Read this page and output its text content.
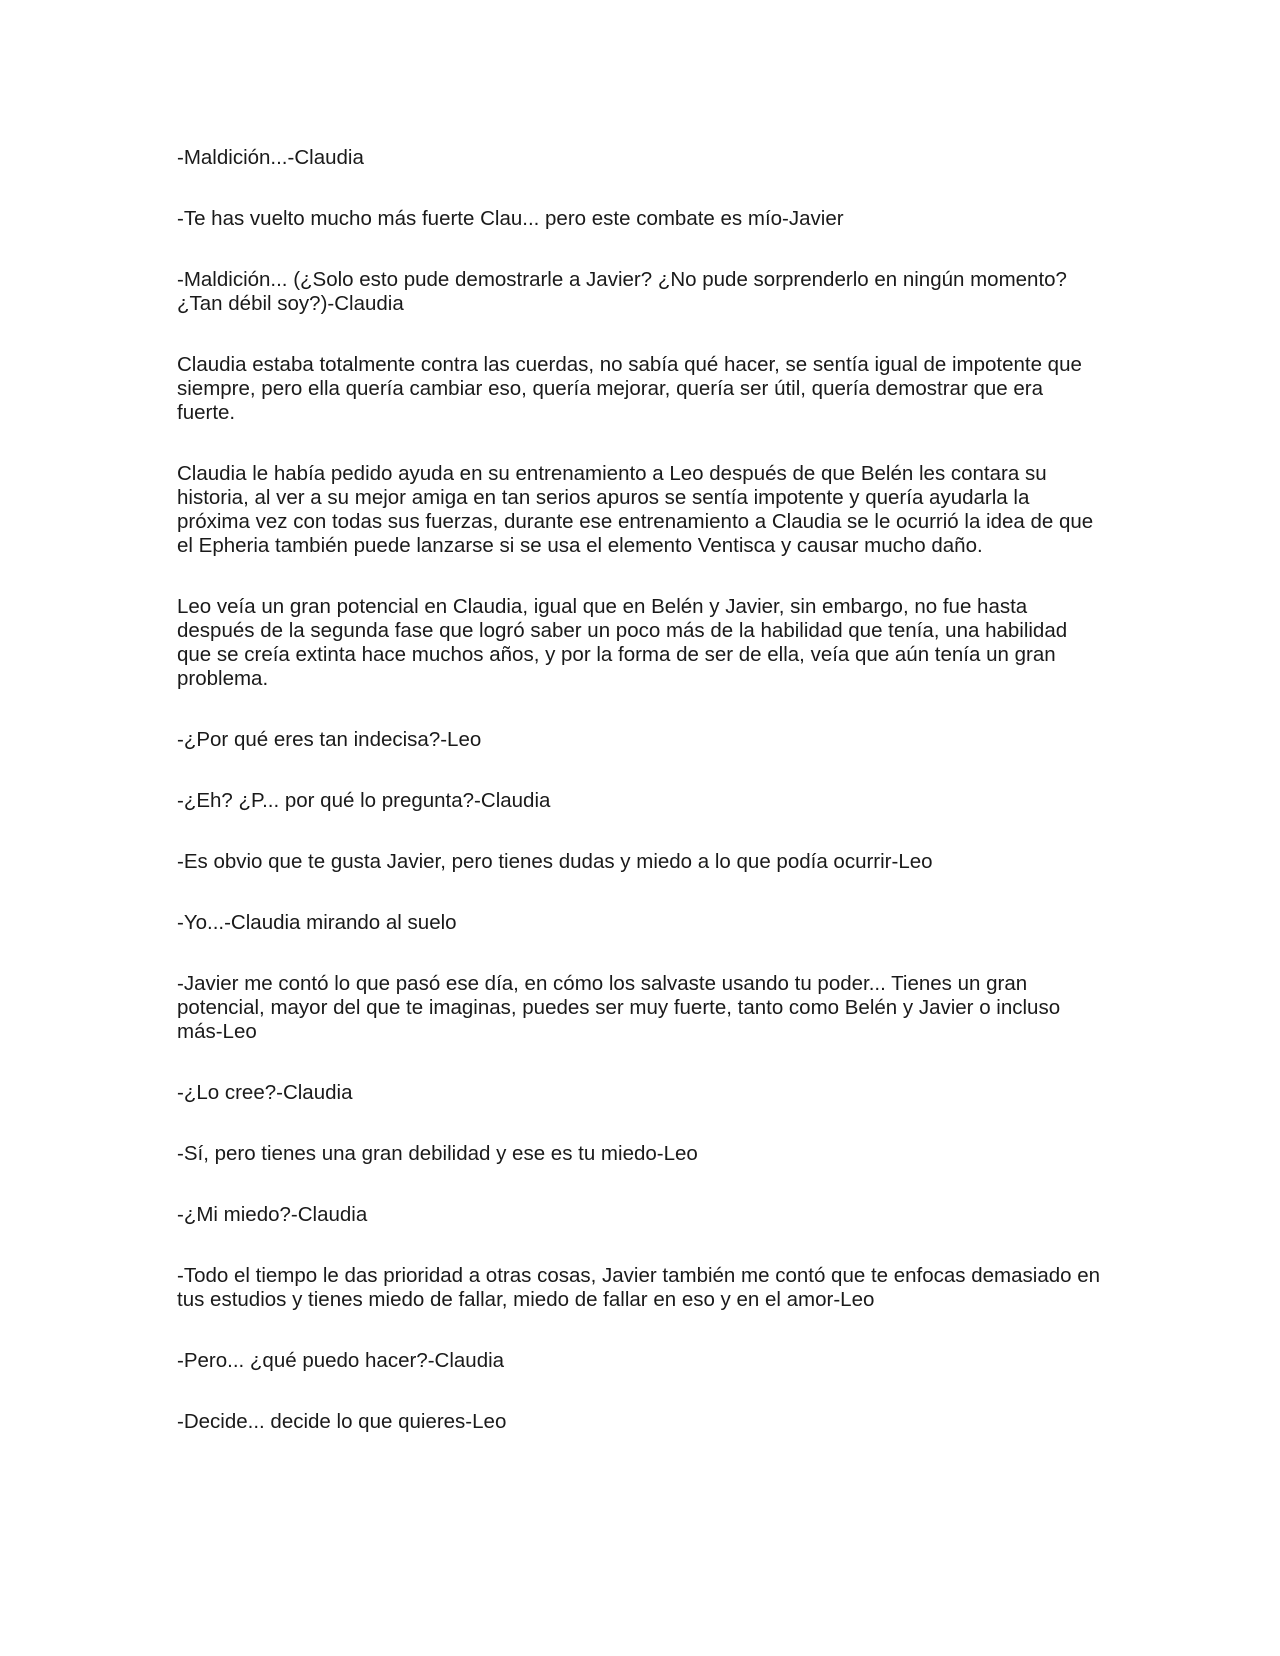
-Maldición...-Claudia

-Te has vuelto mucho más fuerte Clau... pero este combate es mío-Javier

-Maldición... (¿Solo esto pude demostrarle a Javier? ¿No pude sorprenderlo en ningún momento? ¿Tan débil soy?)-Claudia

Claudia estaba totalmente contra las cuerdas, no sabía qué hacer, se sentía igual de impotente que siempre, pero ella quería cambiar eso, quería mejorar, quería ser útil, quería demostrar que era fuerte.

Claudia le había pedido ayuda en su entrenamiento a Leo después de que Belén les contara su historia, al ver a su mejor amiga en tan serios apuros se sentía impotente y quería ayudarla la próxima vez con todas sus fuerzas, durante ese entrenamiento a Claudia se le ocurrió la idea de que el Epheria también puede lanzarse si se usa el elemento Ventisca y causar mucho daño.

Leo veía un gran potencial en Claudia, igual que en Belén y Javier, sin embargo, no fue hasta después de la segunda fase que logró saber un poco más de la habilidad que tenía, una habilidad que se creía extinta hace muchos años, y por la forma de ser de ella, veía que aún tenía un gran problema.

-¿Por qué eres tan indecisa?-Leo

-¿Eh? ¿P... por qué lo pregunta?-Claudia

-Es obvio que te gusta Javier, pero tienes dudas y miedo a lo que podía ocurrir-Leo

-Yo...-Claudia mirando al suelo

-Javier me contó lo que pasó ese día, en cómo los salvaste usando tu poder... Tienes un gran potencial, mayor del que te imaginas, puedes ser muy fuerte, tanto como Belén y Javier o incluso más-Leo

-¿Lo cree?-Claudia

-Sí, pero tienes una gran debilidad y ese es tu miedo-Leo

-¿Mi miedo?-Claudia

-Todo el tiempo le das prioridad a otras cosas, Javier también me contó que te enfocas demasiado en tus estudios y tienes miedo de fallar, miedo de fallar en eso y en el amor-Leo

-Pero... ¿qué puedo hacer?-Claudia

-Decide... decide lo que quieres-Leo
